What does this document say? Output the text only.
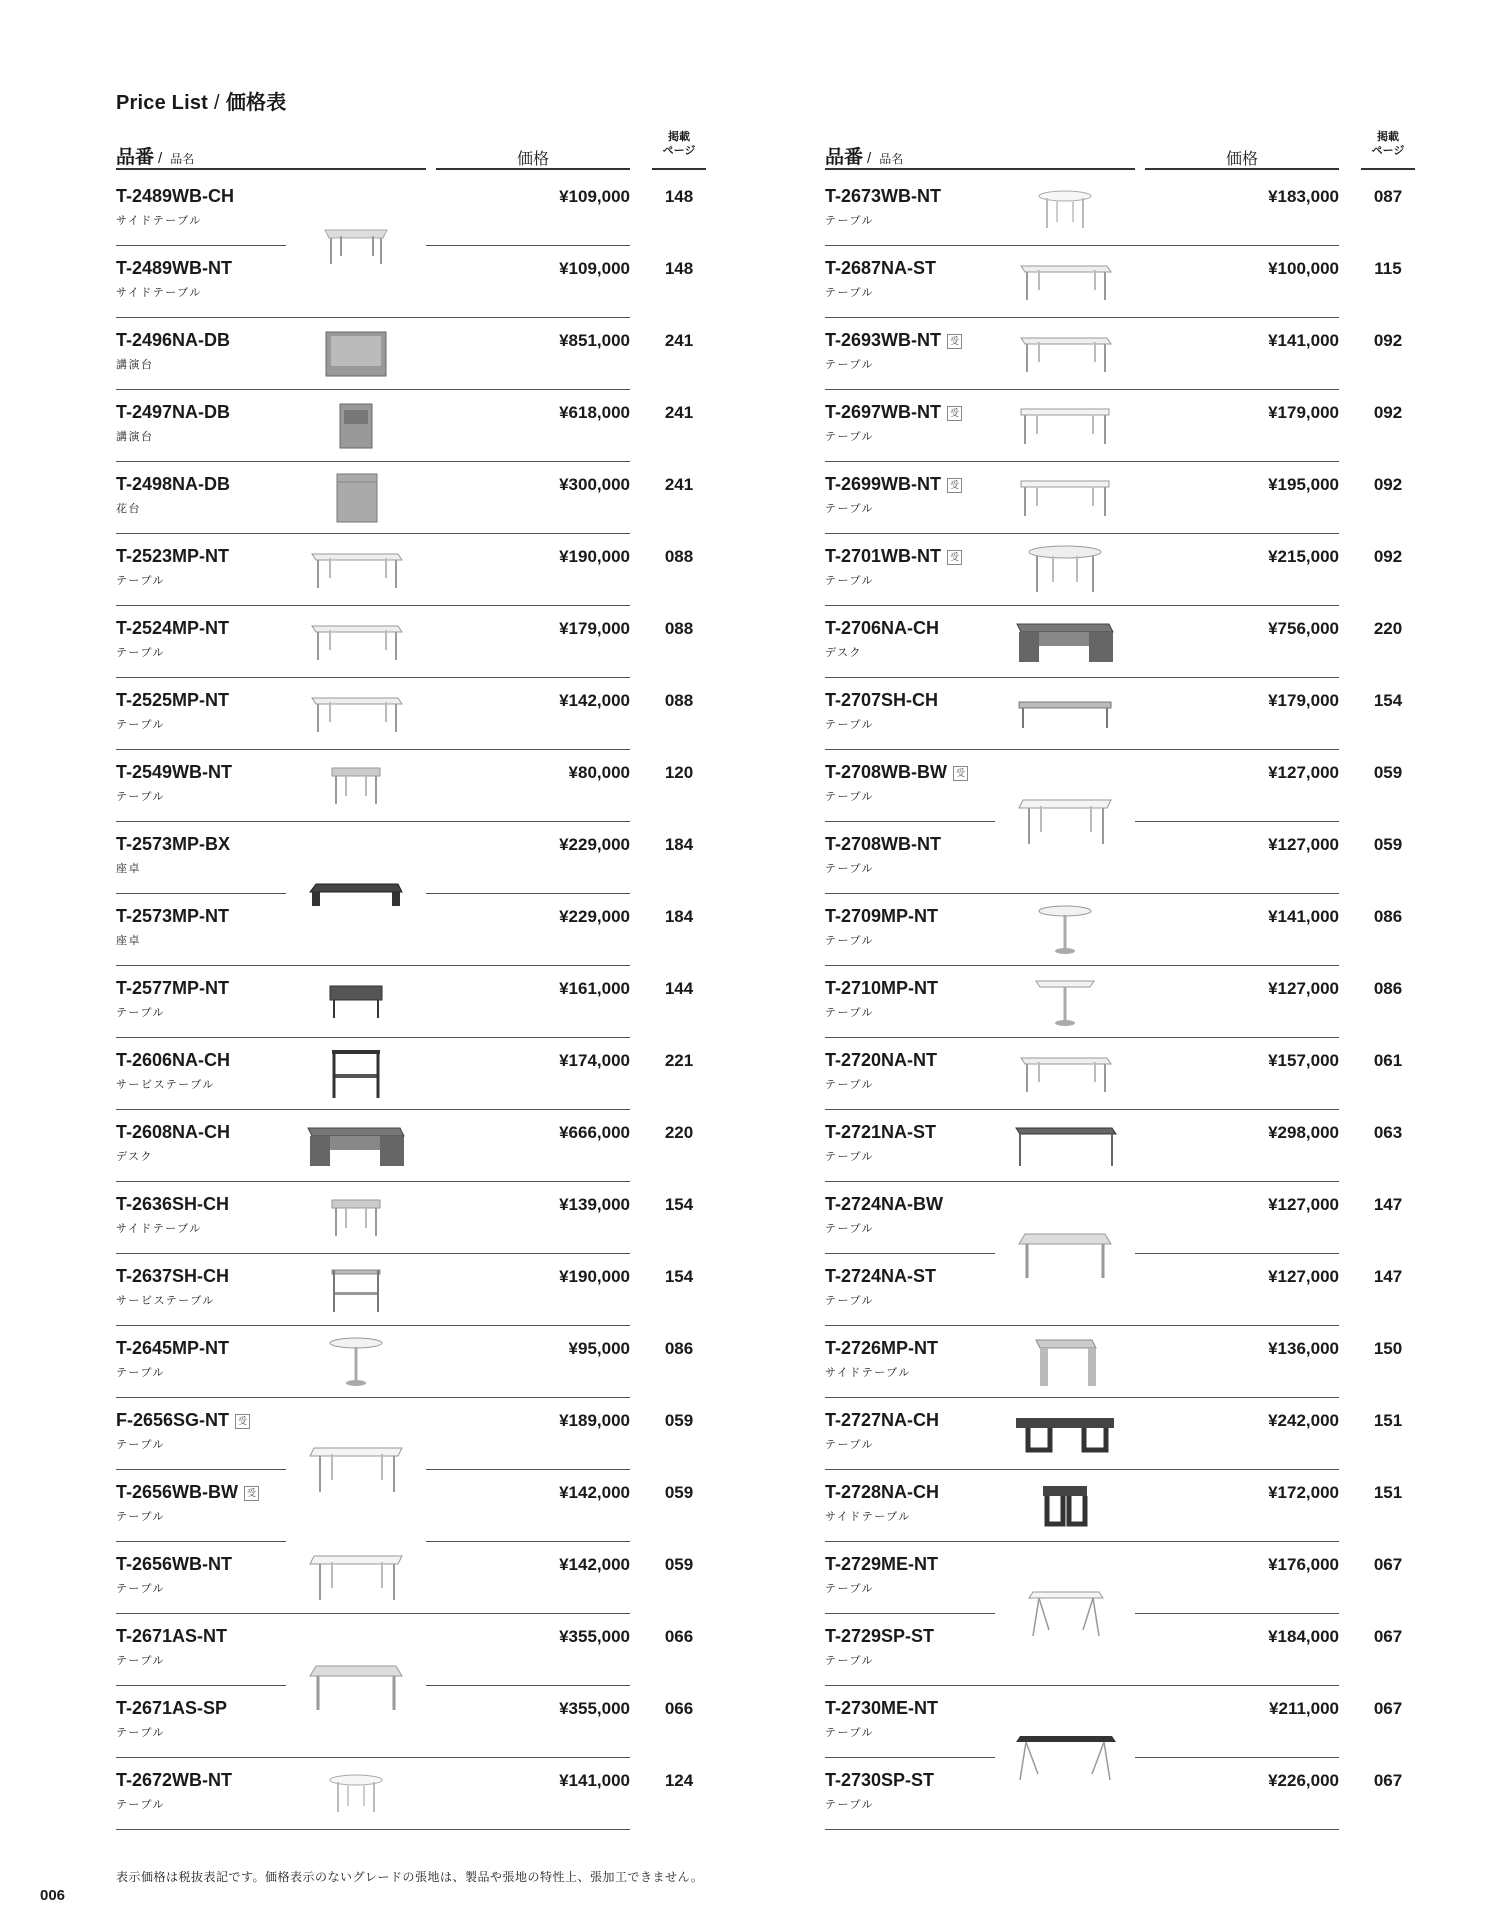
Price List / 価格表
品番 / 品名	価格
掲載
ページ
T-2489WB-CH
サイドテーブル
¥109,000	148
T-2489WB-NT
サイドテーブル
¥109,000	148
T-2496NA-DB
講演台
¥851,000	241
T-2497NA-DB
講演台
¥618,000	241
T-2498NA-DB
花台
¥300,000	241
T-2523MP-NT
テーブル
¥190,000	088
T-2524MP-NT
テーブル
¥179,000	088
T-2525MP-NT
テーブル
¥142,000	088
T-2549WB-NT
テーブル
¥80,000	120
T-2573MP-BX
座卓
¥229,000	184
T-2573MP-NT
座卓
¥229,000	184
T-2577MP-NT
テーブル
¥161,000	144
T-2606NA-CH
サービステーブル
¥174,000	221
T-2608NA-CH
デスク
¥666,000	220
T-2636SH-CH
サイドテーブル
¥139,000	154
T-2637SH-CH
サービステーブル
¥190,000	154
T-2645MP-NT
テーブル
¥95,000	086
F-2656SG-NT 受
テーブル
¥189,000	059
T-2656WB-BW 受
テーブル
¥142,000	059
T-2656WB-NT
テーブル
¥142,000	059
T-2671AS-NT
テーブル
¥355,000	066
T-2671AS-SP
テーブル
¥355,000	066
T-2672WB-NT
テーブル
¥141,000	124
品番 / 品名	価格
掲載
ページ
T-2673WB-NT
テーブル
¥183,000	087
T-2687NA-ST
テーブル
¥100,000	115
T-2693WB-NT 受
テーブル
¥141,000	092
T-2697WB-NT 受
テーブル
¥179,000	092
T-2699WB-NT 受
テーブル
¥195,000	092
T-2701WB-NT 受
テーブル
¥215,000	092
T-2706NA-CH
デスク
¥756,000	220
T-2707SH-CH
テーブル
¥179,000	154
T-2708WB-BW 受
テーブル
¥127,000	059
T-2708WB-NT
テーブル
¥127,000	059
T-2709MP-NT
テーブル
¥141,000	086
T-2710MP-NT
テーブル
¥127,000	086
T-2720NA-NT
テーブル
¥157,000	061
T-2721NA-ST
テーブル
¥298,000	063
T-2724NA-BW
テーブル
¥127,000	147
T-2724NA-ST
テーブル
¥127,000	147
T-2726MP-NT
サイドテーブル
¥136,000	150
T-2727NA-CH
テーブル
¥242,000	151
T-2728NA-CH
サイドテーブル
¥172,000	151
T-2729ME-NT
テーブル
¥176,000	067
T-2729SP-ST
テーブル
¥184,000	067
T-2730ME-NT
テーブル
¥211,000	067
T-2730SP-ST
テーブル
¥226,000	067
表示価格は税抜表記です。価格表示のないグレードの張地は、製品や張地の特性上、張加工できません。
006
